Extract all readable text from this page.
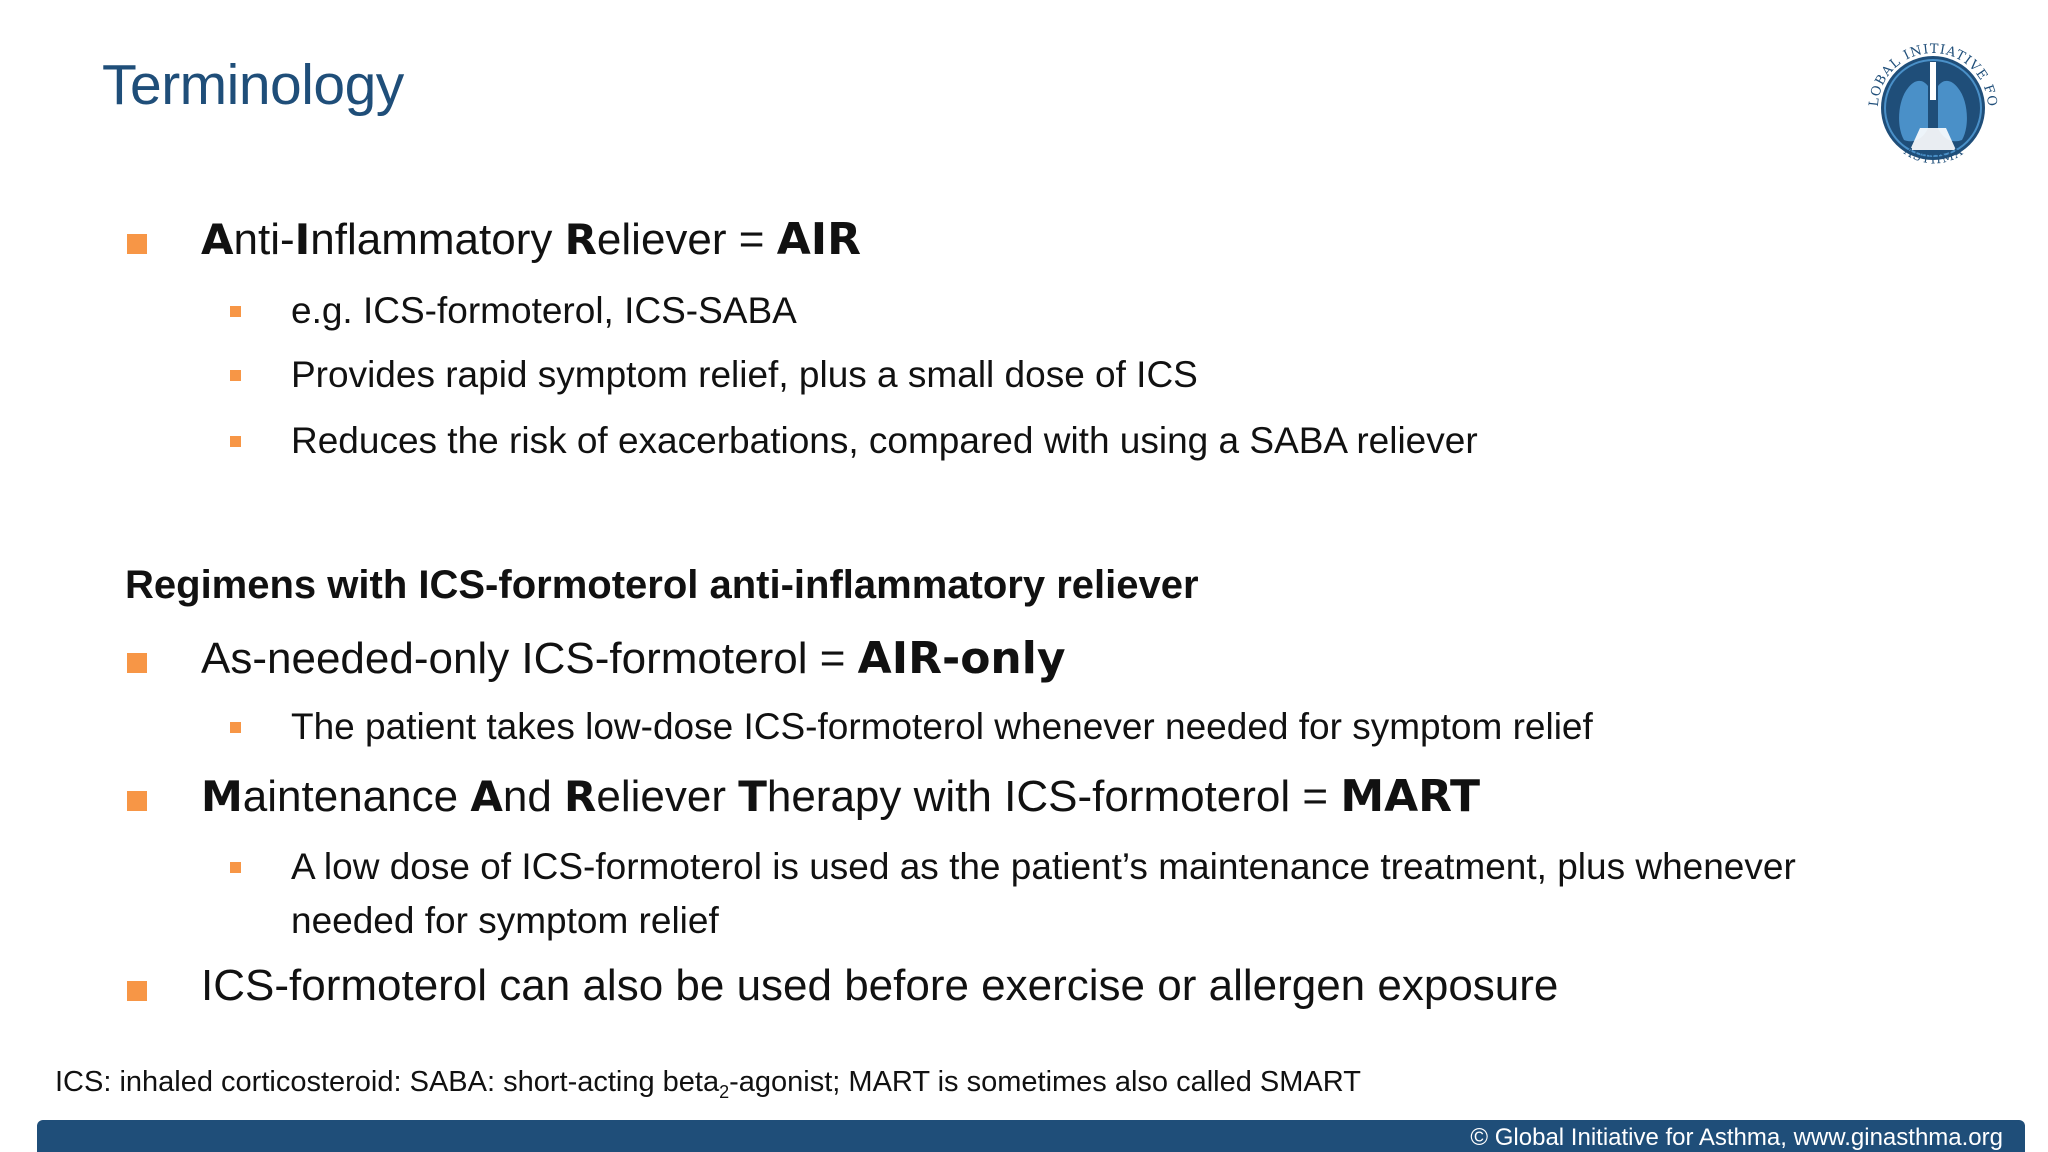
Terminology	LOBAL INITIATIVE FO
ASTHMA
Anti-Inflammatory Reliever = AIR
e.g. ICS-formoterol, ICS-SABA
Provides rapid symptom relief, plus a small dose of ICS
Reduces the risk of exacerbations, compared with using a SABA reliever
Regimens with ICS-formoterol anti-inflammatory reliever
As-needed-only ICS-formoterol = AIR-only
The patient takes low-dose ICS-formoterol whenever needed for symptom relief
Maintenance And Reliever Therapy with ICS-formoterol = MART
A low dose of ICS-formoterol is used as the patient’s maintenance treatment, plus whenever
needed for symptom relief
ICS-formoterol can also be used before exercise or allergen exposure
ICS: inhaled corticosteroid: SABA: short-acting beta$_2$-agonist; MART is sometimes also called SMART
© Global Initiative for Asthma, www.ginasthma.org
